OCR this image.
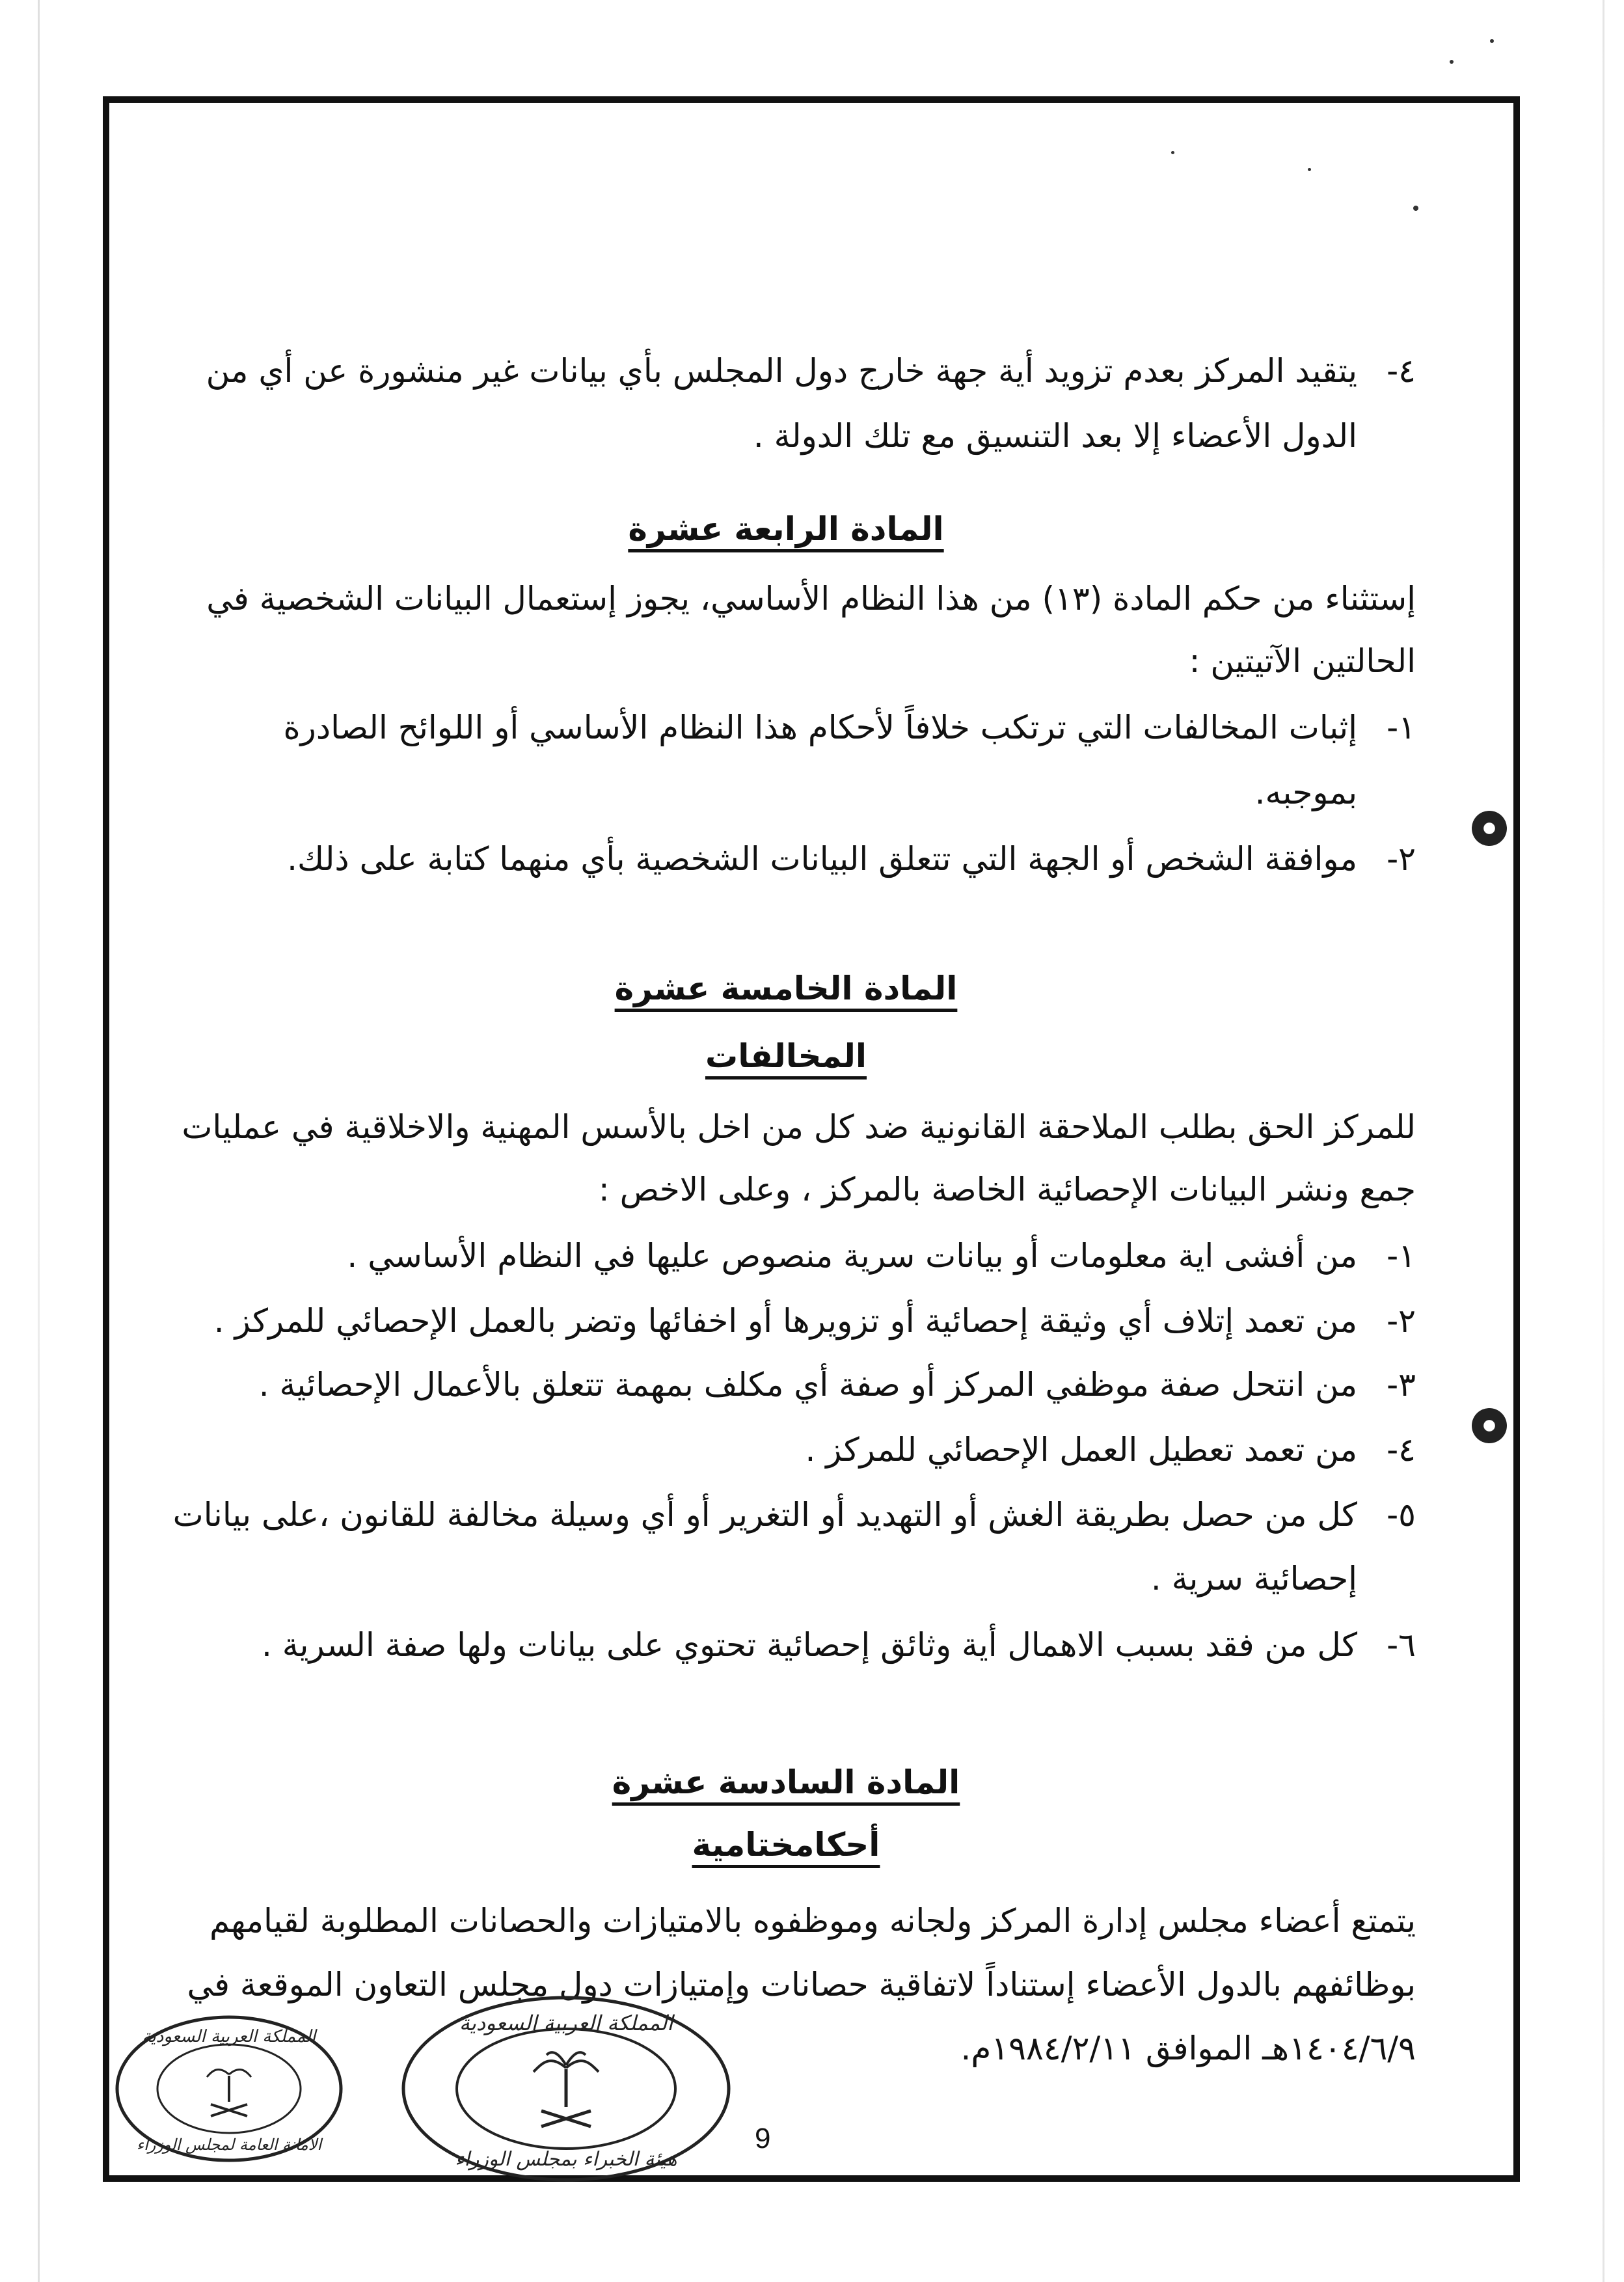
٤-يتقيد المركز بعدم تزويد أية جهة خارج دول المجلس بأي بيانات غير منشورة عن أي من
الدول الأعضاء إلا بعد التنسيق مع تلك الدولة .
المادة الرابعة عشرة
إستثناء من حكم المادة (١٣) من هذا النظام الأساسي، يجوز إستعمال البيانات الشخصية في
الحالتين الآتيتين :
١-إثبات المخالفات التي ترتكب خلافاً لأحكام هذا النظام الأساسي أو اللوائح الصادرة
بموجبه.
٢-موافقة الشخص أو الجهة التي تتعلق البيانات الشخصية بأي منهما كتابة على ذلك.
المادة الخامسة عشرة
المخالفات
للمركز الحق بطلب الملاحقة القانونية ضد كل من اخل بالأسس المهنية والاخلاقية في عمليات
جمع ونشر البيانات الإحصائية الخاصة بالمركز ، وعلى الاخص :
١-من أفشى اية معلومات أو بيانات سرية منصوص عليها في النظام الأساسي .
٢-من تعمد إتلاف أي وثيقة إحصائية أو تزويرها أو اخفائها وتضر بالعمل الإحصائي للمركز .
٣-من انتحل صفة موظفي المركز أو صفة أي مكلف بمهمة تتعلق بالأعمال الإحصائية .
٤-من تعمد تعطيل العمل الإحصائي للمركز .
٥-كل من حصل بطريقة الغش أو التهديد أو التغرير أو أي وسيلة مخالفة للقانون ،على بيانات
إحصائية سرية .
٦-كل من فقد بسبب الاهمال أية وثائق إحصائية تحتوي على بيانات ولها صفة السرية .
المادة السادسة عشرة
أحكامختامية
يتمتع أعضاء مجلس إدارة المركز ولجانه وموظفوه بالامتيازات والحصانات المطلوبة لقيامهم
بوظائفهم بالدول الأعضاء إستناداً لاتفاقية حصانات وإمتيازات دول مجلس التعاون الموقعة في
١٤٠٤/٦/٩هـ الموافق ١٩٨٤/٢/١١م.
المملكة العربية السعودية
هيئة الخبراء بمجلس الوزراء
المملكة العربية السعودية
الأمانة العامة لمجلس الوزراء	9
